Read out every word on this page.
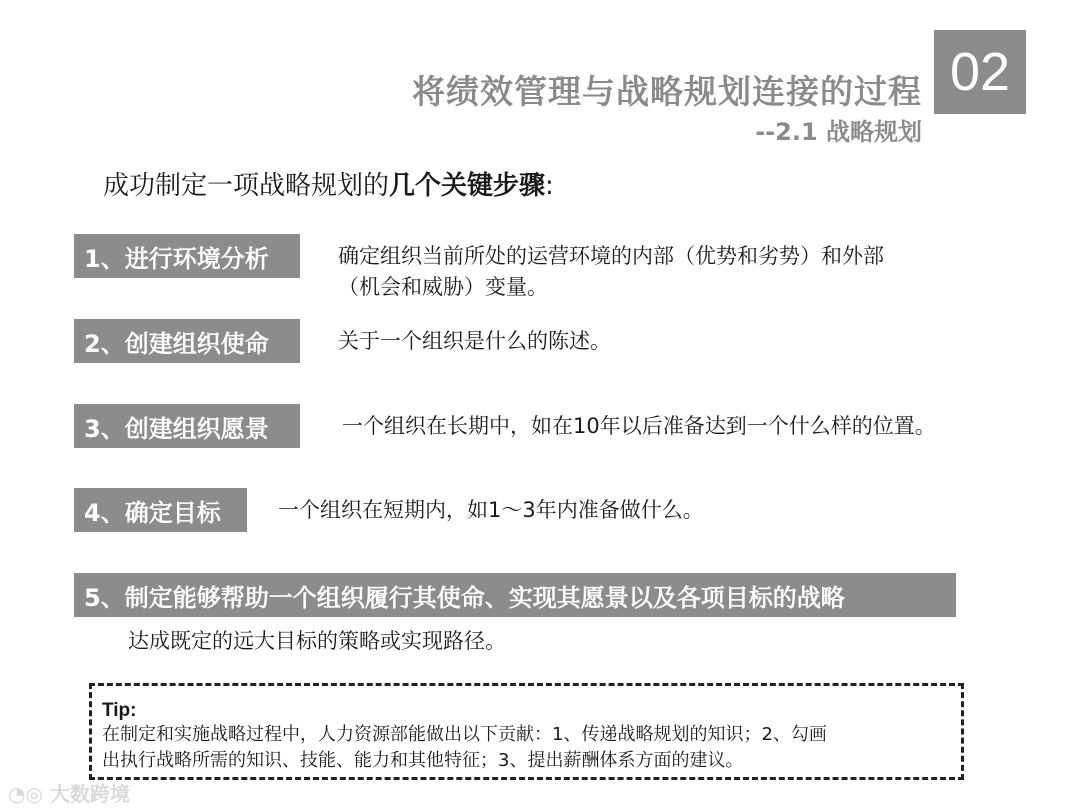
将绩效管理与战略规划连接的过程
--2.1 战略规划
02
成功制定一项战略规划的几个关键步骤:
1、进行环境分析	确定组织当前所处的运营环境的内部（优势和劣势）和外部
（机会和威胁）变量。
2、创建组织使命	关于一个组织是什么的陈述。
3、创建组织愿景	一个组织在长期中，如在10年以后准备达到一个什么样的位置。
4、确定目标	一个组织在短期内，如1～3年内准备做什么。
5、制定能够帮助一个组织履行其使命、实现其愿景以及各项目标的战略
达成既定的远大目标的策略或实现路径。
Tip:
在制定和实施战略过程中，人力资源部能做出以下贡献：1、传递战略规划的知识；2、勾画
出执行战略所需的知识、技能、能力和其他特征；3、提出薪酬体系方面的建议。
◔◎ 大数跨境
